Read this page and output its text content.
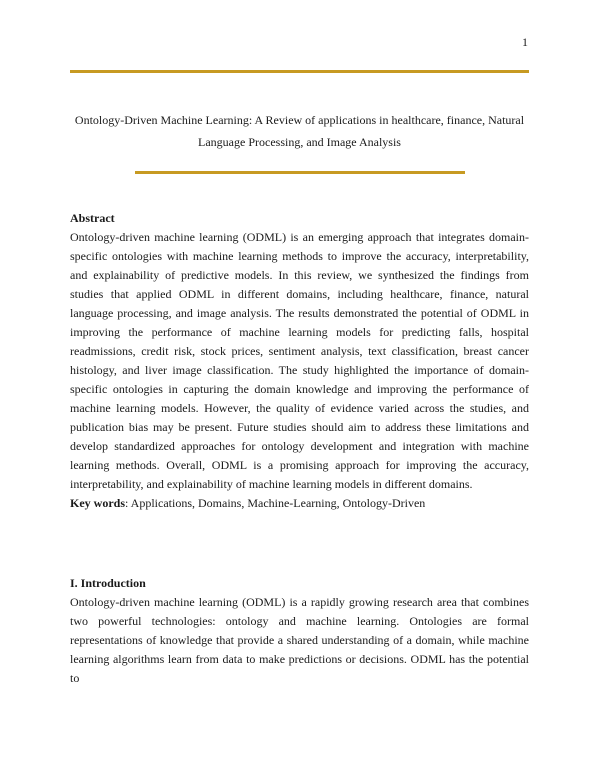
1
Ontology-Driven Machine Learning: A Review of applications in healthcare, finance, Natural Language Processing, and Image Analysis
Abstract

Ontology-driven machine learning (ODML) is an emerging approach that integrates domain-specific ontologies with machine learning methods to improve the accuracy, interpretability, and explainability of predictive models. In this review, we synthesized the findings from studies that applied ODML in different domains, including healthcare, finance, natural language processing, and image analysis. The results demonstrated the potential of ODML in improving the performance of machine learning models for predicting falls, hospital readmissions, credit risk, stock prices, sentiment analysis, text classification, breast cancer histology, and liver image classification. The study highlighted the importance of domain-specific ontologies in capturing the domain knowledge and improving the performance of machine learning models. However, the quality of evidence varied across the studies, and publication bias may be present. Future studies should aim to address these limitations and develop standardized approaches for ontology development and integration with machine learning methods. Overall, ODML is a promising approach for improving the accuracy, interpretability, and explainability of machine learning models in different domains.

Key words: Applications, Domains, Machine-Learning, Ontology-Driven

I. Introduction

Ontology-driven machine learning (ODML) is a rapidly growing research area that combines two powerful technologies: ontology and machine learning. Ontologies are formal representations of knowledge that provide a shared understanding of a domain, while machine learning algorithms learn from data to make predictions or decisions. ODML has the potential to
